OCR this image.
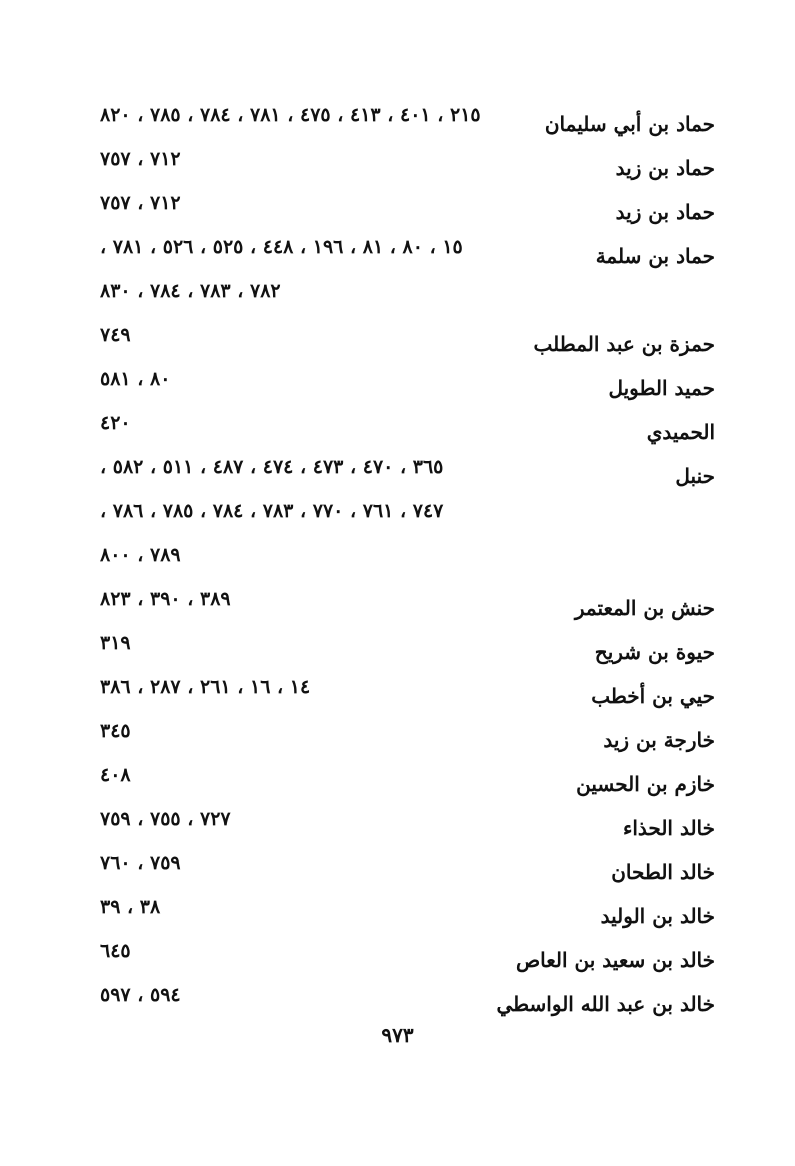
حماد بن أبي سليمان
٢١٥ ، ٤٠١ ، ٤١٣ ، ٤٧٥ ، ٧٨١ ، ٧٨٤ ، ٧٨٥ ، ٨٢٠
حماد بن زيد
٧١٢ ، ٧٥٧
حماد بن زيد
٧١٢ ، ٧٥٧
حماد بن سلمة
١٥ ، ٨٠ ، ٨١ ، ١٩٦ ، ٤٤٨ ، ٥٢٥ ، ٥٢٦ ، ٧٨١ ،
٧٨٢ ، ٧٨٣ ، ٧٨٤ ، ٨٣٠
حمزة بن عبد المطلب
٧٤٩
حميد الطويل
٨٠ ، ٥٨١
الحميدي
٤٢٠
حنبل
٣٦٥ ، ٤٧٠ ، ٤٧٣ ، ٤٧٤ ، ٤٨٧ ، ٥١١ ، ٥٨٢ ،
٧٤٧ ، ٧٦١ ، ٧٧٠ ، ٧٨٣ ، ٧٨٤ ، ٧٨٥ ، ٧٨٦ ،
٧٨٩ ، ٨٠٠
حنش بن المعتمر
٣٨٩ ، ٣٩٠ ، ٨٢٣
حيوة بن شريح
٣١٩
حيي بن أخطب
١٤ ، ١٦ ، ٢٦١ ، ٢٨٧ ، ٣٨٦
خارجة بن زيد
٣٤٥
خازم بن الحسين
٤٠٨
خالد الحذاء
٧٢٧ ، ٧٥٥ ، ٧٥٩
خالد الطحان
٧٥٩ ، ٧٦٠
خالد بن الوليد
٣٨ ، ٣٩
خالد بن سعيد بن العاص
٦٤٥
خالد بن عبد الله الواسطي
٥٩٤ ، ٥٩٧
٩٧٣
